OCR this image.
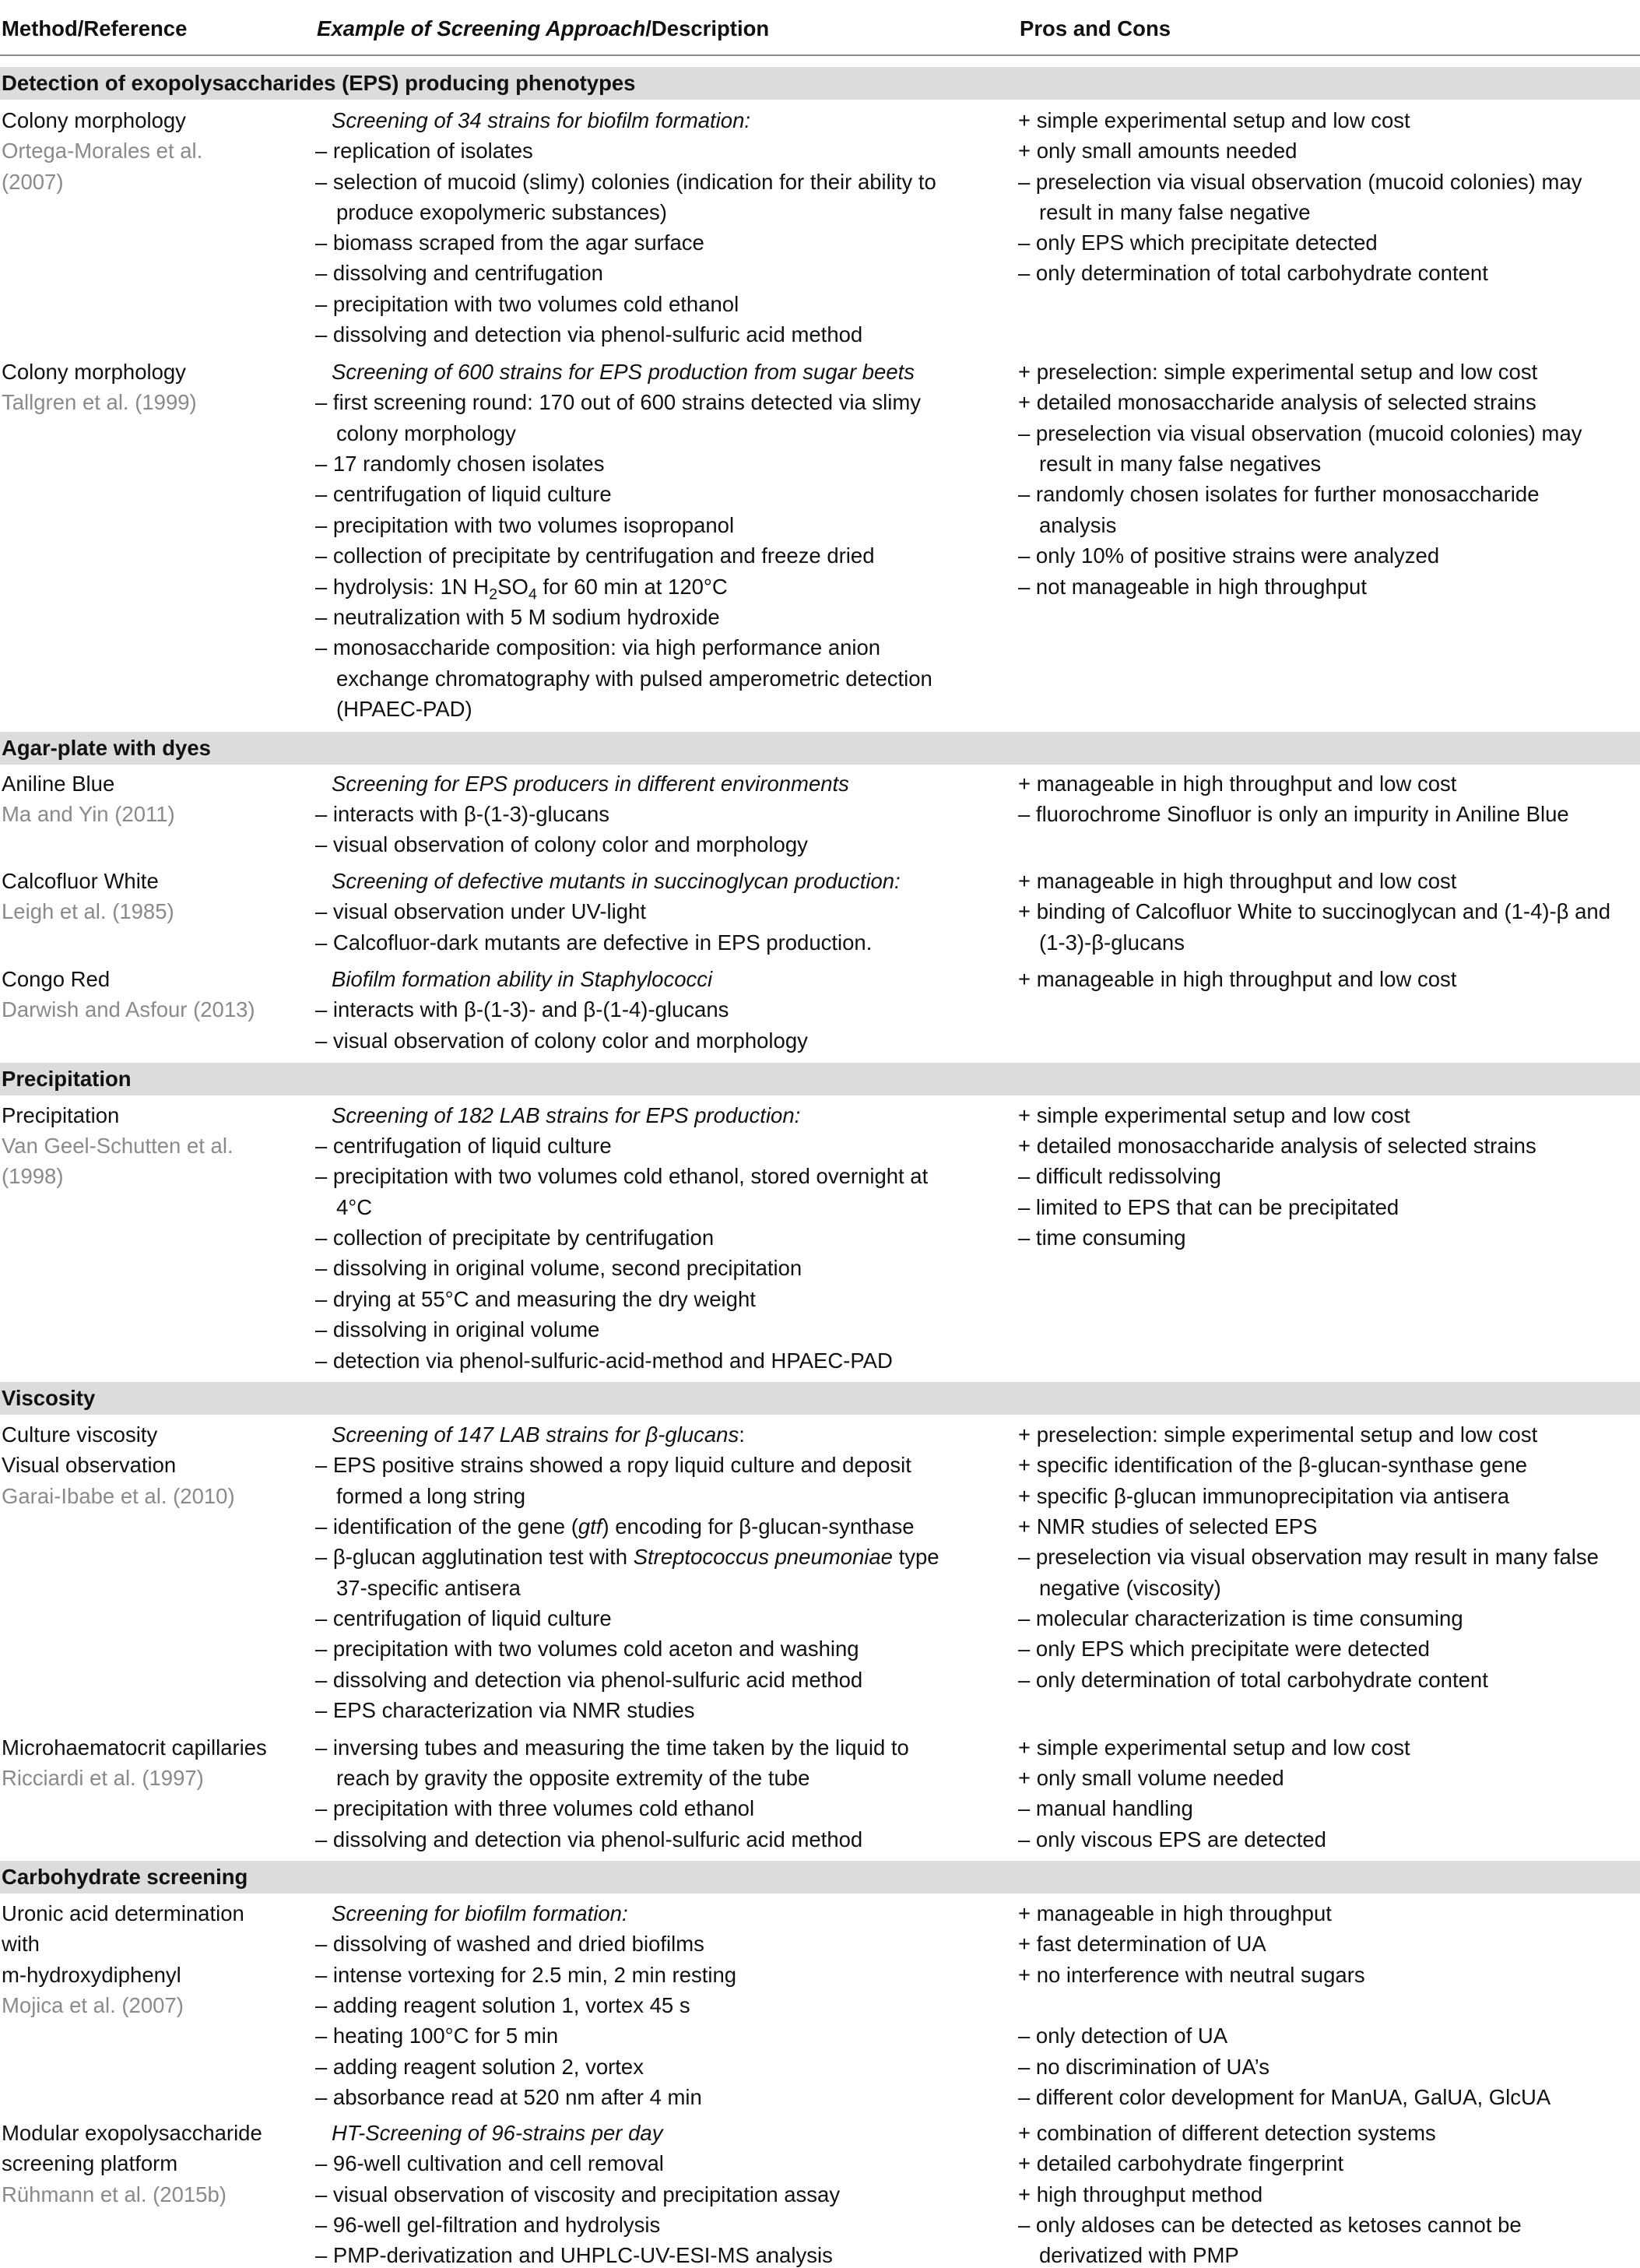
Method/Reference	Example of Screening Approach/Description	Pros and Cons
Detection of exopolysaccharides (EPS) producing phenotypes
Colony morphology
Ortega-Morales et al.
(2007)
Screening of 34 strains for biofilm formation:
– replication of isolates
– selection of mucoid (slimy) colonies (indication for their ability to
produce exopolymeric substances)
– biomass scraped from the agar surface
– dissolving and centrifugation
– precipitation with two volumes cold ethanol
– dissolving and detection via phenol-sulfuric acid method
+ simple experimental setup and low cost
+ only small amounts needed
– preselection via visual observation (mucoid colonies) may
result in many false negative
– only EPS which precipitate detected
– only determination of total carbohydrate content
Colony morphology
Tallgren et al. (1999)
Screening of 600 strains for EPS production from sugar beets
– first screening round: 170 out of 600 strains detected via slimy
colony morphology
– 17 randomly chosen isolates
– centrifugation of liquid culture
– precipitation with two volumes isopropanol
– collection of precipitate by centrifugation and freeze dried
– hydrolysis: 1N $H_2SO_4$ for 60 min at 120°C
– neutralization with 5 M sodium hydroxide
– monosaccharide composition: via high performance anion
exchange chromatography with pulsed amperometric detection
(HPAEC-PAD)
+ preselection: simple experimental setup and low cost
+ detailed monosaccharide analysis of selected strains
– preselection via visual observation (mucoid colonies) may
result in many false negatives
– randomly chosen isolates for further monosaccharide
analysis
– only 10% of positive strains were analyzed
– not manageable in high throughput
Agar-plate with dyes
Aniline Blue
Ma and Yin (2011)
Screening for EPS producers in different environments
– interacts with β-(1-3)-glucans
– visual observation of colony color and morphology
+ manageable in high throughput and low cost
– fluorochrome Sinofluor is only an impurity in Aniline Blue
Calcofluor White
Leigh et al. (1985)
Screening of defective mutants in succinoglycan production:
– visual observation under UV-light
– Calcofluor-dark mutants are defective in EPS production.
+ manageable in high throughput and low cost
+ binding of Calcofluor White to succinoglycan and (1-4)-β and
(1-3)-β-glucans
Congo Red
Darwish and Asfour (2013)
Biofilm formation ability in Staphylococci
– interacts with β-(1-3)- and β-(1-4)-glucans
– visual observation of colony color and morphology
+ manageable in high throughput and low cost
Precipitation
Precipitation
Van Geel-Schutten et al.
(1998)
Screening of 182 LAB strains for EPS production:
– centrifugation of liquid culture
– precipitation with two volumes cold ethanol, stored overnight at
4°C
– collection of precipitate by centrifugation
– dissolving in original volume, second precipitation
– drying at 55°C and measuring the dry weight
– dissolving in original volume
– detection via phenol-sulfuric-acid-method and HPAEC-PAD
+ simple experimental setup and low cost
+ detailed monosaccharide analysis of selected strains
– difficult redissolving
– limited to EPS that can be precipitated
– time consuming
Viscosity
Culture viscosity
Visual observation
Garai-Ibabe et al. (2010)
Screening of 147 LAB strains for β-glucans:
– EPS positive strains showed a ropy liquid culture and deposit
formed a long string
– identification of the gene (gtf) encoding for β-glucan-synthase
– β-glucan agglutination test with Streptococcus pneumoniae type
37-specific antisera
– centrifugation of liquid culture
– precipitation with two volumes cold aceton and washing
– dissolving and detection via phenol-sulfuric acid method
– EPS characterization via NMR studies
+ preselection: simple experimental setup and low cost
+ specific identification of the β-glucan-synthase gene
+ specific β-glucan immunoprecipitation via antisera
+ NMR studies of selected EPS
– preselection via visual observation may result in many false
negative (viscosity)
– molecular characterization is time consuming
– only EPS which precipitate were detected
– only determination of total carbohydrate content
Microhaematocrit capillaries
Ricciardi et al. (1997)
– inversing tubes and measuring the time taken by the liquid to
reach by gravity the opposite extremity of the tube
– precipitation with three volumes cold ethanol
– dissolving and detection via phenol-sulfuric acid method
+ simple experimental setup and low cost
+ only small volume needed
– manual handling
– only viscous EPS are detected
Carbohydrate screening
Uronic acid determination
with
m-hydroxydiphenyl
Mojica et al. (2007)
Screening for biofilm formation:
– dissolving of washed and dried biofilms
– intense vortexing for 2.5 min, 2 min resting
– adding reagent solution 1, vortex 45 s
– heating 100°C for 5 min
– adding reagent solution 2, vortex
– absorbance read at 520 nm after 4 min
+ manageable in high throughput
+ fast determination of UA
+ no interference with neutral sugars
– only detection of UA
– no discrimination of UA’s
– different color development for ManUA, GalUA, GlcUA
Modular exopolysaccharide
screening platform
Rühmann et al. (2015b)
HT-Screening of 96-strains per day
– 96-well cultivation and cell removal
– visual observation of viscosity and precipitation assay
– 96-well gel-filtration and hydrolysis
– PMP-derivatization and UHPLC-UV-ESI-MS analysis
+ combination of different detection systems
+ detailed carbohydrate fingerprint
+ high throughput method
– only aldoses can be detected as ketoses cannot be
derivatized with PMP
